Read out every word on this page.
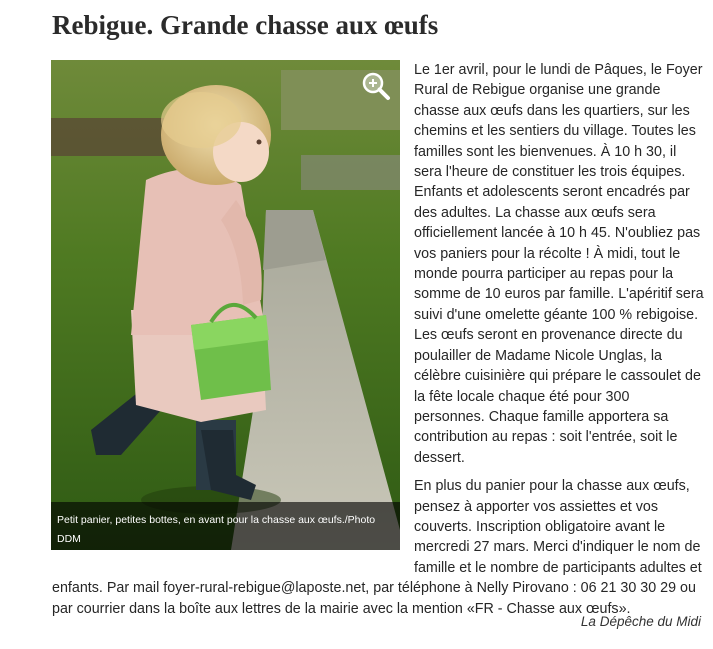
Rebigue. Grande chasse aux œufs

Le 1er avril, pour le lundi de Pâques, le Foyer Rural de Rebigue organise une grande chasse aux œufs dans les quartiers, sur les chemins et les sentiers du village. Toutes les familles sont les bienvenues. À 10 h 30, il sera l'heure de constituer les trois équipes. Enfants et adolescents seront encadrés par des adultes. La chasse aux œufs sera officiellement lancée à 10 h 45. N'oubliez pas vos paniers pour la récolte ! À midi, tout le monde pourra participer au repas pour la somme de 10 euros par famille. L'apéritif sera suivi d'une omelette géante 100 % rebigoise. Les œufs seront en provenance directe du poulailler de Madame Nicole Unglas, la célèbre cuisinière qui prépare le cassoulet de la fête locale chaque été pour 300 personnes. Chaque famille apportera sa contribution au repas : soit l'entrée, soit le dessert.

En plus du panier pour la chasse aux œufs, pensez à apporter vos assiettes et vos couverts. Inscription obligatoire avant le mercredi 27 mars. Merci d'indiquer le nom de famille et le nombre de participants adultes et enfants. Par mail foyer-rural-rebigue@laposte.net, par téléphone à Nelly Pirovano : 06 21 30 30 29 ou par courrier dans la boîte aux lettres de la mairie avec la mention «FR - Chasse aux œufs».

Petit panier, petites bottes, en avant pour la chasse aux œufs./Photo DDM
La Dépêche du Midi
